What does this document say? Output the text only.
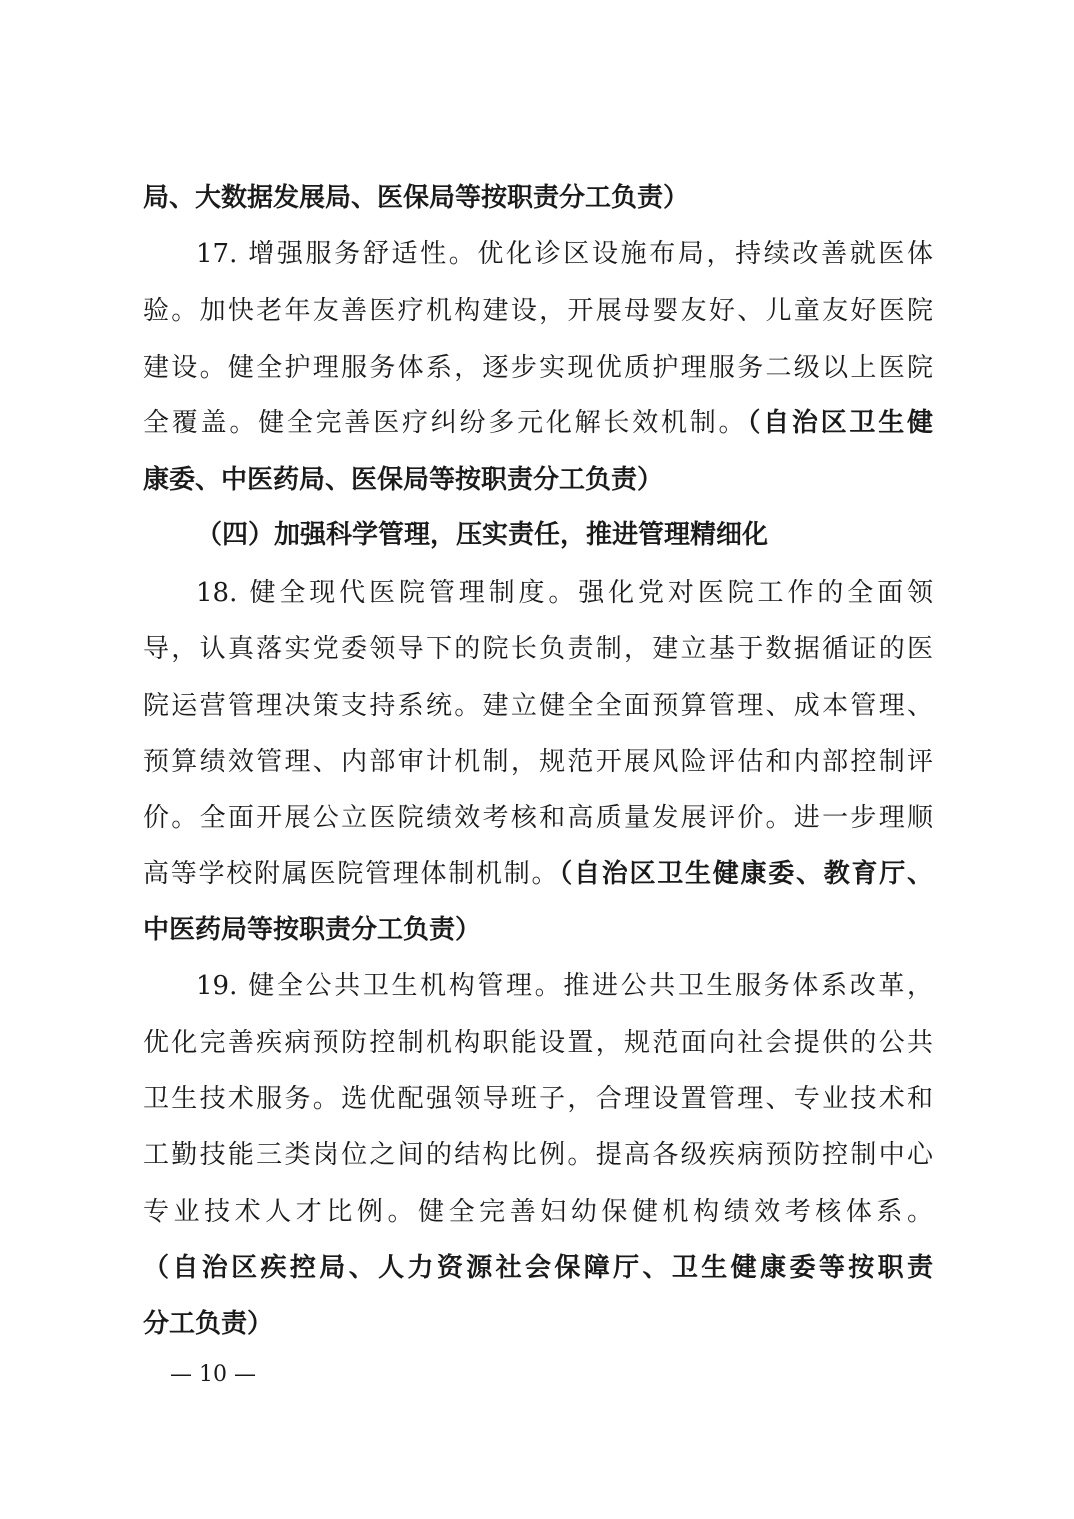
局、大数据发展局、医保局等按职责分工负责）
17. 增强服务舒适性。优化诊区设施布局，持续改善就医体
验。加快老年友善医疗机构建设，开展母婴友好、儿童友好医院
建设。健全护理服务体系，逐步实现优质护理服务二级以上医院
全覆盖。健全完善医疗纠纷多元化解长效机制。（自治区卫生健
康委、中医药局、医保局等按职责分工负责）
（四）加强科学管理，压实责任，推进管理精细化
18. 健全现代医院管理制度。强化党对医院工作的全面领
导，认真落实党委领导下的院长负责制，建立基于数据循证的医
院运营管理决策支持系统。建立健全全面预算管理、成本管理、
预算绩效管理、内部审计机制，规范开展风险评估和内部控制评
价。全面开展公立医院绩效考核和高质量发展评价。进一步理顺
高等学校附属医院管理体制机制。（自治区卫生健康委、教育厅、
中医药局等按职责分工负责）
19. 健全公共卫生机构管理。推进公共卫生服务体系改革，
优化完善疾病预防控制机构职能设置，规范面向社会提供的公共
卫生技术服务。选优配强领导班子，合理设置管理、专业技术和
工勤技能三类岗位之间的结构比例。提高各级疾病预防控制中心
专业技术人才比例。健全完善妇幼保健机构绩效考核体系。
（自治区疾控局、人力资源社会保障厅、卫生健康委等按职责
分工负责）
— 10 —
